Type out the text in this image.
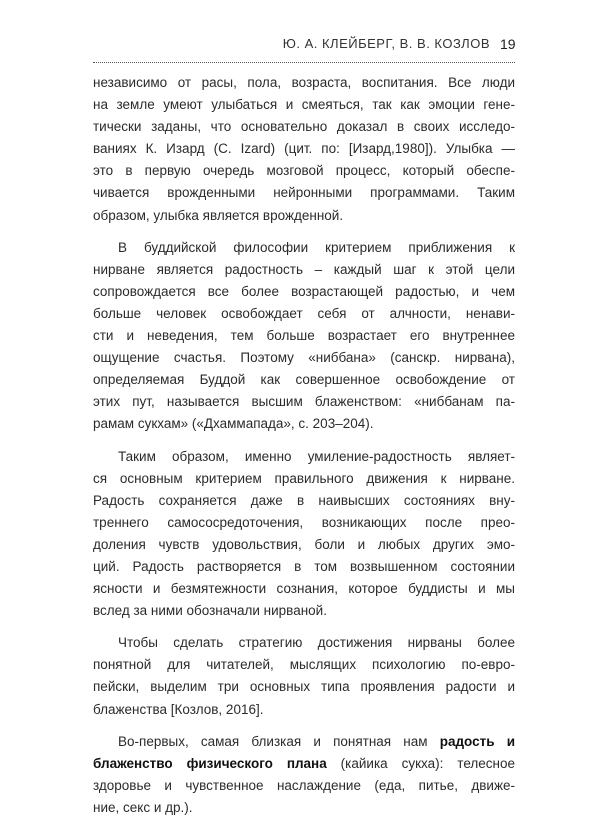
Ю. А. КЛЕЙБЕРГ, В. В. КОЗЛОВ 19

независимо от расы, пола, возраста, воспитания. Все люди
на земле умеют улыбаться и смеяться, так как эмоции гене-
тически заданы, что основательно доказал в своих исследо-
ваниях К. Изард (C. Izard) (цит. по: [Изард,1980]). Улыбка —
это в первую очередь мозговой процесс, который обеспе-
чивается врожденными нейронными программами. Таким
образом, улыбка является врожденной.

В буддийской философии критерием приближения к
нирване является радостность – каждый шаг к этой цели
сопровождается все более возрастающей радостью, и чем
больше человек освобождает себя от алчности, ненави-
сти и неведения, тем больше возрастает его внутреннее
ощущение счастья. Поэтому «ниббана» (санскр. нирвана),
определяемая Буддой как совершенное освобождение от
этих пут, называется высшим блаженством: «ниббанам па-
рамам сукхам» («Дхаммапада», с. 203–204).

Таким образом, именно умиление-радостность являет-
ся основным критерием правильного движения к нирване.
Радость сохраняется даже в наивысших состояниях вну-
треннего самососредоточения, возникающих после прео-
доления чувств удовольствия, боли и любых других эмо-
ций. Радость растворяется в том возвышенном состоянии
ясности и безмятежности сознания, которое буддисты и мы
вслед за ними обозначали нирваной.

Чтобы сделать стратегию достижения нирваны более
понятной для читателей, мыслящих психологию по-евро-
пейски, выделим три основных типа проявления радости и
блаженства [Козлов, 2016].

Во-первых, самая близкая и понятная нам радость и
блаженство физического плана (кайика сукха): телесное
здоровье и чувственное наслаждение (еда, питье, движе-
ние, секс и др.).
